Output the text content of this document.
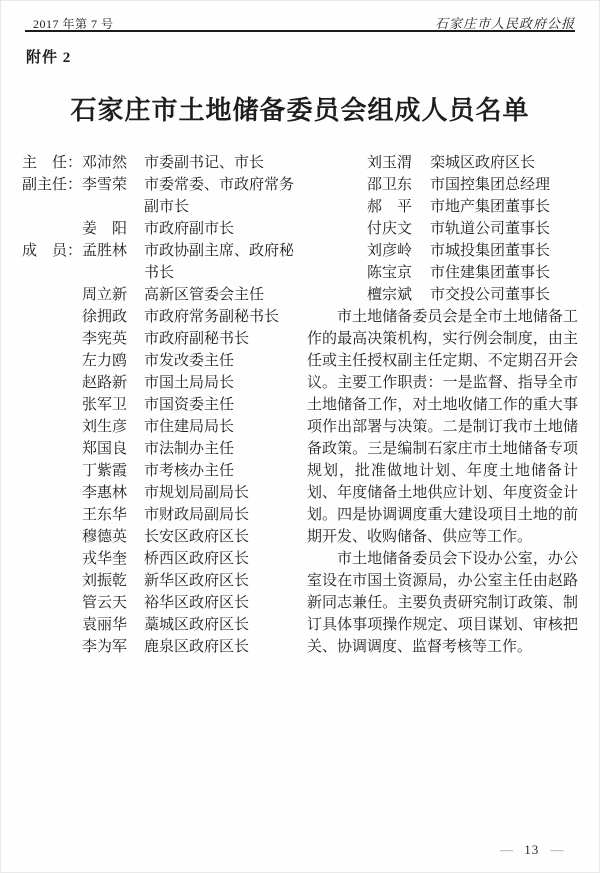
2017 年第 7 号	石家庄市人民政府公报
附件 2
石家庄市土地储备委员会组成人员名单
主　任： 邓沛然	市委副书记、市长
副主任： 李雪荣	市委常委、市政府常务副市长
姜　阳	市政府副市长
成　员： 孟胜林	市政协副主席、政府秘书长
周立新	高新区管委会主任
徐拥政	市政府常务副秘书长
李宪英	市政府副秘书长
左力鸥	市发改委主任
赵路新	市国土局局长
张军卫	市国资委主任
刘生彦	市住建局局长
郑国良	市法制办主任
丁紫霞	市考核办主任
李惠林	市规划局副局长
王东华	市财政局副局长
穆德英	长安区政府区长
戎华奎	桥西区政府区长
刘振乾	新华区政府区长
管云天	裕华区政府区长
袁丽华	藁城区政府区长
李为军	鹿泉区政府区长
刘玉渭	栾城区政府区长
邵卫东	市国控集团总经理
郝　平	市地产集团董事长
付庆文	市轨道公司董事长
刘彦岭	市城投集团董事长
陈宝京	市住建集团董事长
檀宗斌	市交投公司董事长

市土地储备委员会是全市土地储备工作的最高决策机构，实行例会制度，由主任或主任授权副主任定期、不定期召开会议。主要工作职责：一是监督、指导全市土地储备工作，对土地收储工作的重大事项作出部署与决策。二是制订我市土地储备政策。三是编制石家庄市土地储备专项规划，批准做地计划、年度土地储备计划、年度储备土地供应计划、年度资金计划。四是协调调度重大建设项目土地的前期开发、收购储备、供应等工作。

市土地储备委员会下设办公室，办公室设在市国土资源局，办公室主任由赵路新同志兼任。主要负责研究制订政策、制订具体事项操作规定、项目谋划、审核把关、协调调度、监督考核等工作。

— 13 —
